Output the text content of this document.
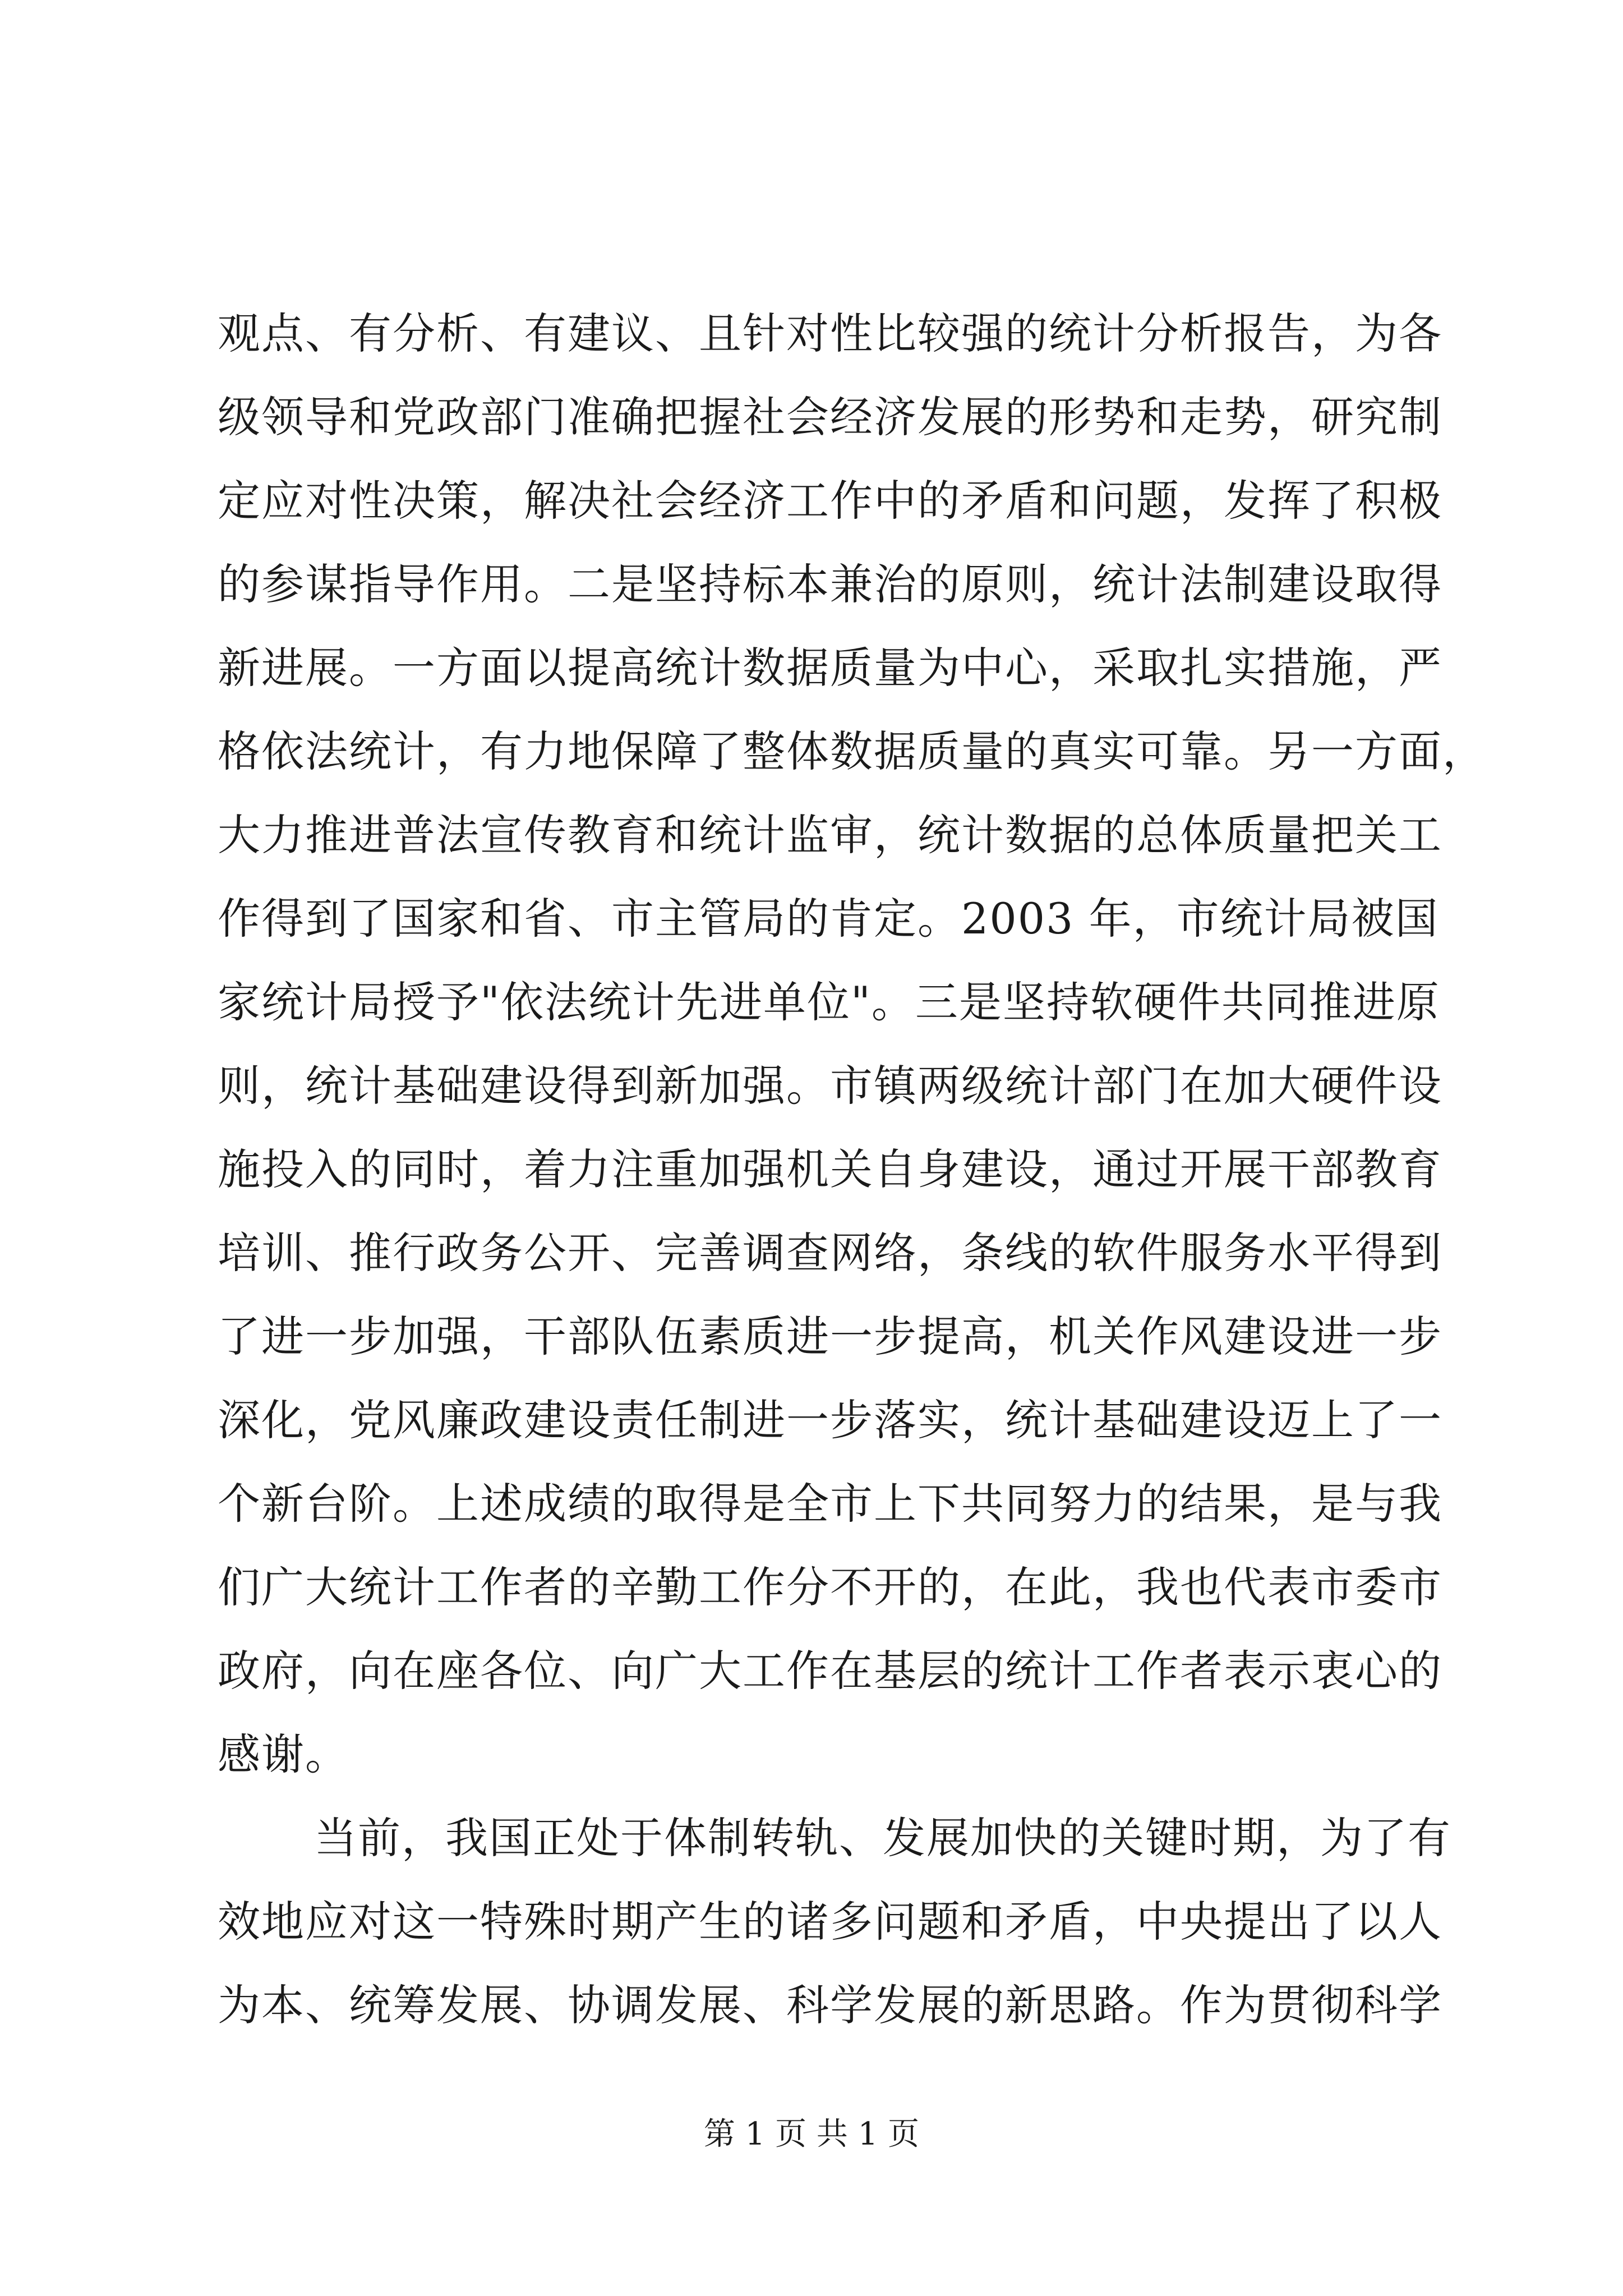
观点、有分析、有建议、且针对性比较强的统计分析报告，为各
级领导和党政部门准确把握社会经济发展的形势和走势，研究制
定应对性决策，解决社会经济工作中的矛盾和问题，发挥了积极
的参谋指导作用。二是坚持标本兼治的原则，统计法制建设取得
新进展。一方面以提高统计数据质量为中心，采取扎实措施，严
格依法统计，有力地保障了整体数据质量的真实可靠。另一方面，
大力推进普法宣传教育和统计监审，统计数据的总体质量把关工
作得到了国家和省、市主管局的肯定。2003 年，市统计局被国
家统计局授予"依法统计先进单位"。三是坚持软硬件共同推进原
则，统计基础建设得到新加强。市镇两级统计部门在加大硬件设
施投入的同时，着力注重加强机关自身建设，通过开展干部教育
培训、推行政务公开、完善调查网络，条线的软件服务水平得到
了进一步加强，干部队伍素质进一步提高，机关作风建设进一步
深化，党风廉政建设责任制进一步落实，统计基础建设迈上了一
个新台阶。上述成绩的取得是全市上下共同努力的结果，是与我
们广大统计工作者的辛勤工作分不开的，在此，我也代表市委市
政府，向在座各位、向广大工作在基层的统计工作者表示衷心的
感谢。
当前，我国正处于体制转轨、发展加快的关键时期，为了有
效地应对这一特殊时期产生的诸多问题和矛盾，中央提出了以人
为本、统筹发展、协调发展、科学发展的新思路。作为贯彻科学
第 1 页 共 1 页
